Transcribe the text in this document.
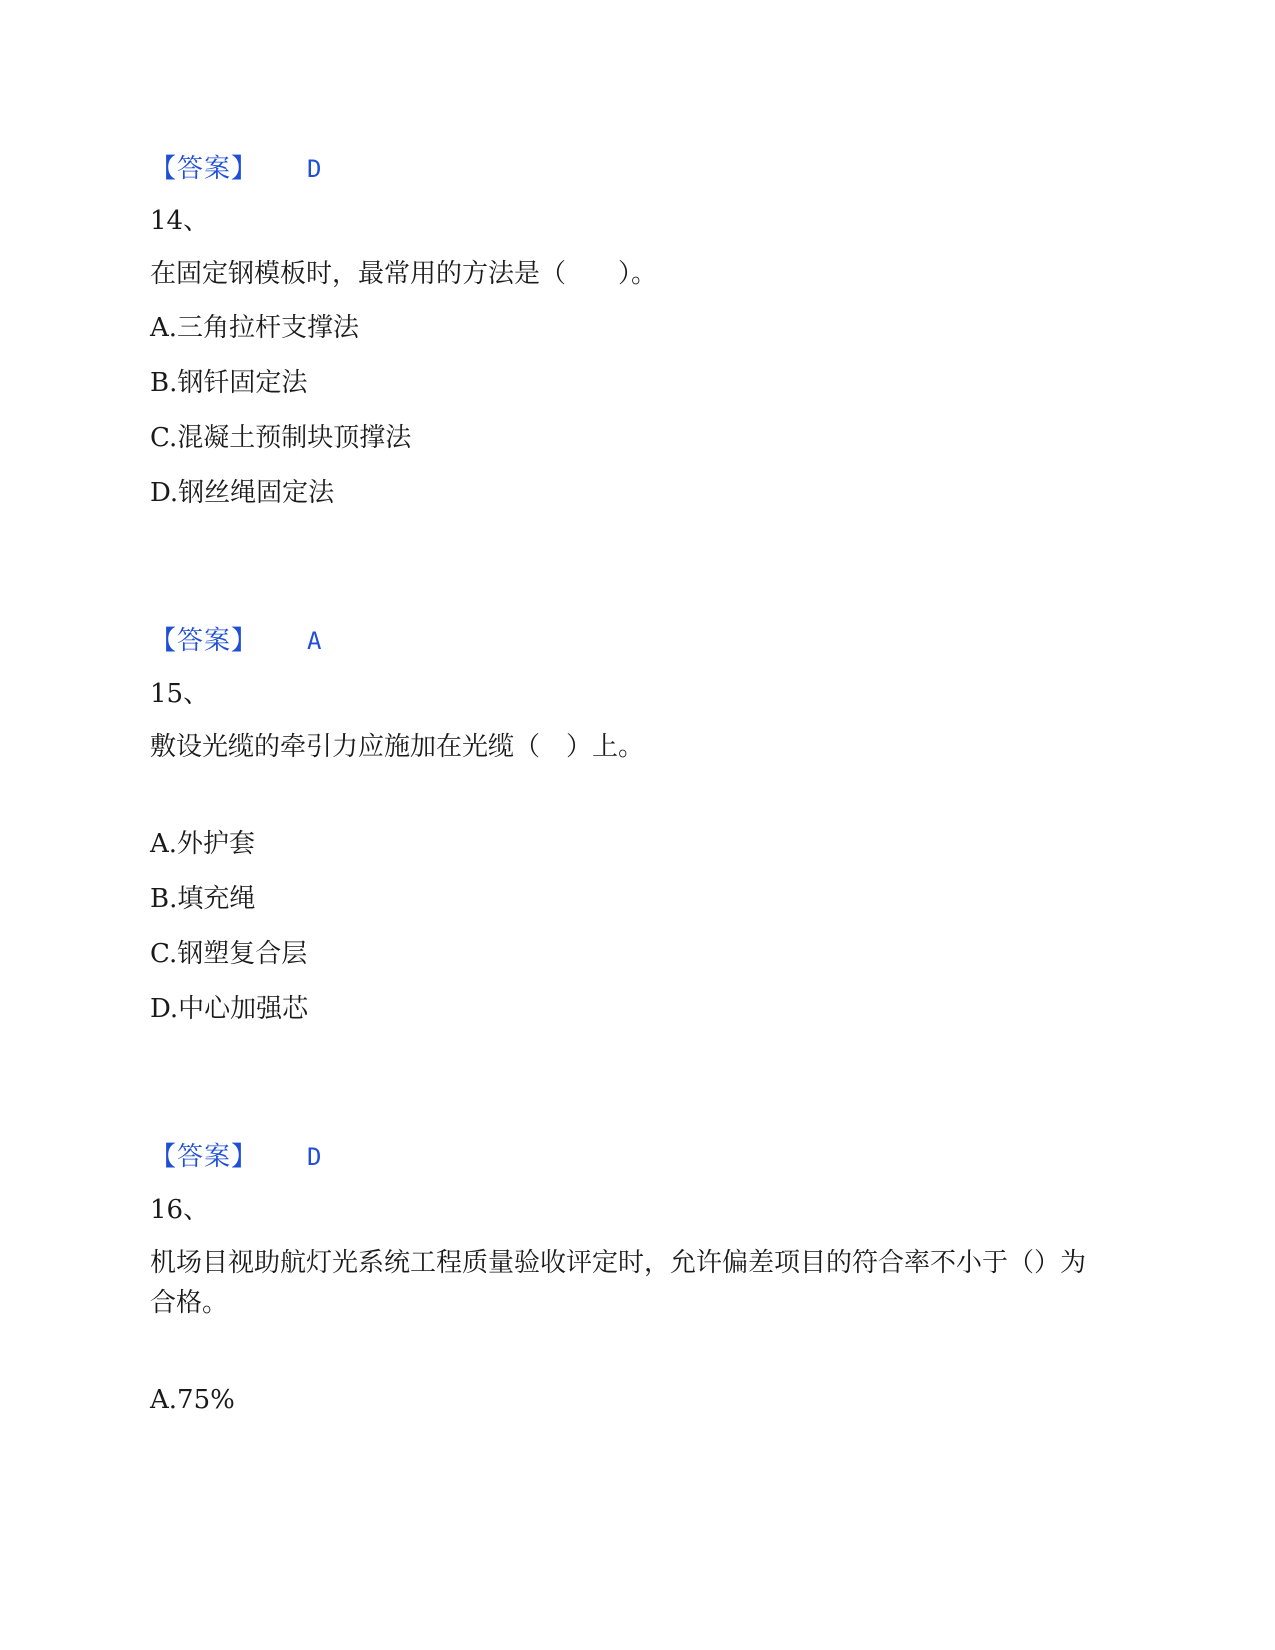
【答案】 D
14、
在固定钢模板时，最常用的方法是（　　）。
A.三角拉杆支撑法
B.钢钎固定法
C.混凝土预制块顶撑法
D.钢丝绳固定法
【答案】 A
15、
敷设光缆的牵引力应施加在光缆（　）上。
A.外护套
B.填充绳
C.钢塑复合层
D.中心加强芯
【答案】 D
16、
机场目视助航灯光系统工程质量验收评定时，允许偏差项目的符合率不小于（）为合格。
A.75%
